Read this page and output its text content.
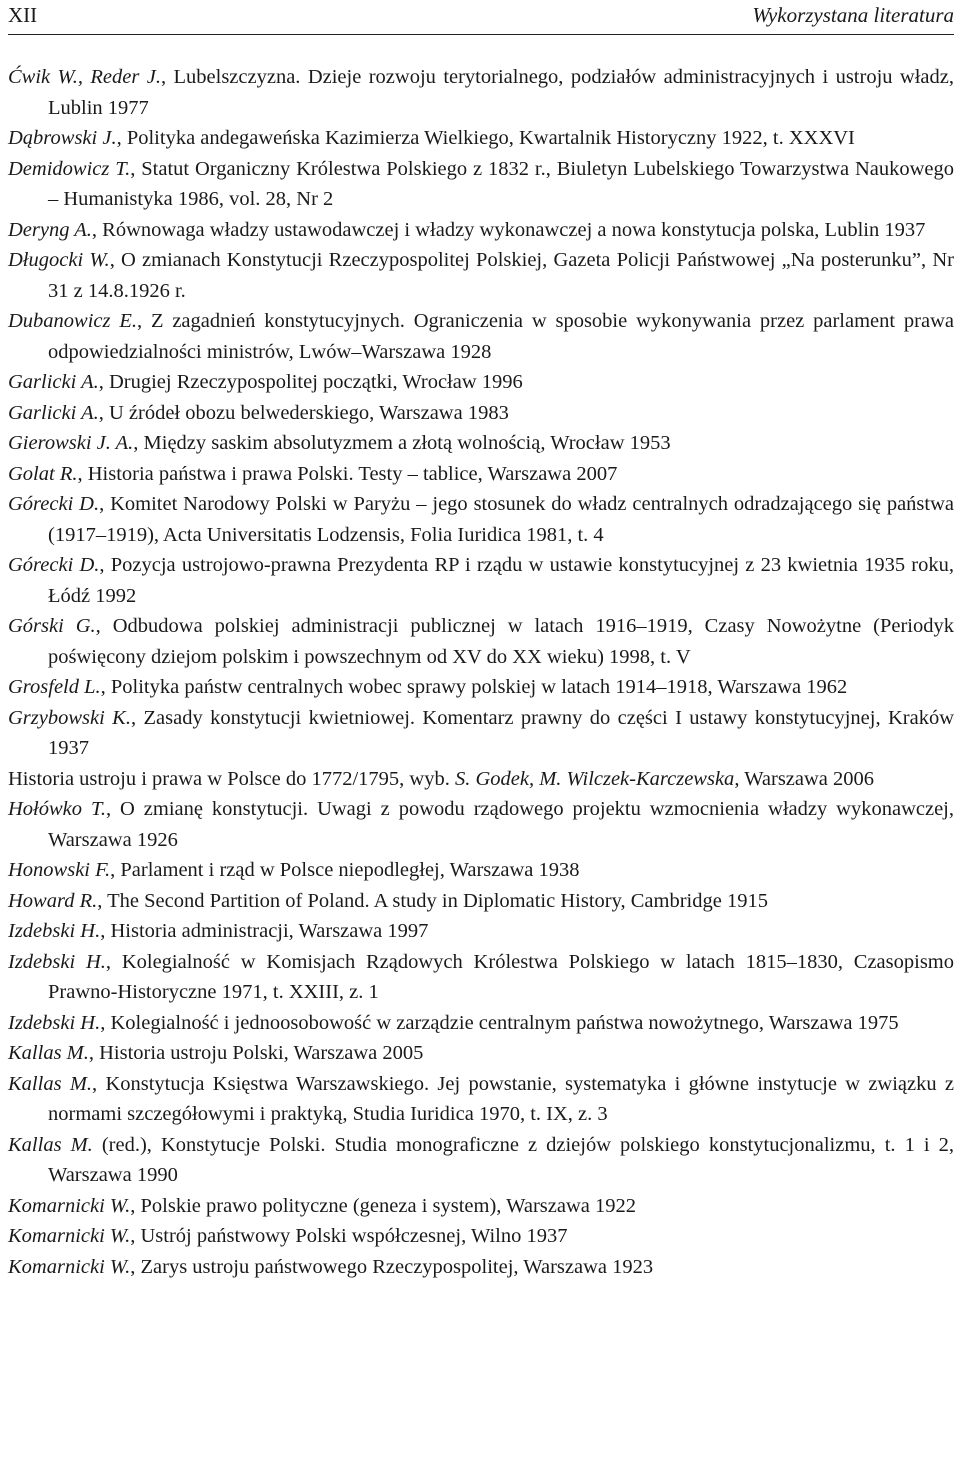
XII	Wykorzystana literatura
Ćwik W., Reder J., Lubelszczyzna. Dzieje rozwoju terytorialnego, podziałów administracyjnych i ustroju władz, Lublin 1977
Dąbrowski J., Polityka andegaweńska Kazimierza Wielkiego, Kwartalnik Historyczny 1922, t. XXXVI
Demidowicz T., Statut Organiczny Królestwa Polskiego z 1832 r., Biuletyn Lubelskiego Towarzystwa Naukowego – Humanistyka 1986, vol. 28, Nr 2
Deryng A., Równowaga władzy ustawodawczej i władzy wykonawczej a nowa konstytucja polska, Lublin 1937
Długocki W., O zmianach Konstytucji Rzeczypospolitej Polskiej, Gazeta Policji Państwowej „Na posterunku”, Nr 31 z 14.8.1926 r.
Dubanowicz E., Z zagadnień konstytucyjnych. Ograniczenia w sposobie wykonywania przez parlament prawa odpowiedzialności ministrów, Lwów–Warszawa 1928
Garlicki A., Drugiej Rzeczypospolitej początki, Wrocław 1996
Garlicki A., U źródeł obozu belwederskiego, Warszawa 1983
Gierowski J. A., Między saskim absolutyzmem a złotą wolnością, Wrocław 1953
Golat R., Historia państwa i prawa Polski. Testy – tablice, Warszawa 2007
Górecki D., Komitet Narodowy Polski w Paryżu – jego stosunek do władz centralnych odradzającego się państwa (1917–1919), Acta Universitatis Lodzensis, Folia Iuridica 1981, t. 4
Górecki D., Pozycja ustrojowo-prawna Prezydenta RP i rządu w ustawie konstytucyjnej z 23 kwietnia 1935 roku, Łódź 1992
Górski G., Odbudowa polskiej administracji publicznej w latach 1916–1919, Czasy Nowożytne (Periodyk poświęcony dziejom polskim i powszechnym od XV do XX wieku) 1998, t. V
Grosfeld L., Polityka państw centralnych wobec sprawy polskiej w latach 1914–1918, Warszawa 1962
Grzybowski K., Zasady konstytucji kwietniowej. Komentarz prawny do części I ustawy konstytucyjnej, Kraków 1937
Historia ustroju i prawa w Polsce do 1772/1795, wyb. S. Godek, M. Wilczek-Karczewska, Warszawa 2006
Hołówko T., O zmianę konstytucji. Uwagi z powodu rządowego projektu wzmocnienia władzy wykonawczej, Warszawa 1926
Honowski F., Parlament i rząd w Polsce niepodległej, Warszawa 1938
Howard R., The Second Partition of Poland. A study in Diplomatic History, Cambridge 1915
Izdebski H., Historia administracji, Warszawa 1997
Izdebski H., Kolegialność w Komisjach Rządowych Królestwa Polskiego w latach 1815–1830, Czasopismo Prawno-Historyczne 1971, t. XXIII, z. 1
Izdebski H., Kolegialność i jednoosobowość w zarządzie centralnym państwa nowożytnego, Warszawa 1975
Kallas M., Historia ustroju Polski, Warszawa 2005
Kallas M., Konstytucja Księstwa Warszawskiego. Jej powstanie, systematyka i główne instytucje w związku z normami szczegółowymi i praktyką, Studia Iuridica 1970, t. IX, z. 3
Kallas M. (red.), Konstytucje Polski. Studia monograficzne z dziejów polskiego konstytucjonalizmu, t. 1 i 2, Warszawa 1990
Komarnicki W., Polskie prawo polityczne (geneza i system), Warszawa 1922
Komarnicki W., Ustrój państwowy Polski współczesnej, Wilno 1937
Komarnicki W., Zarys ustroju państwowego Rzeczypospolitej, Warszawa 1923
